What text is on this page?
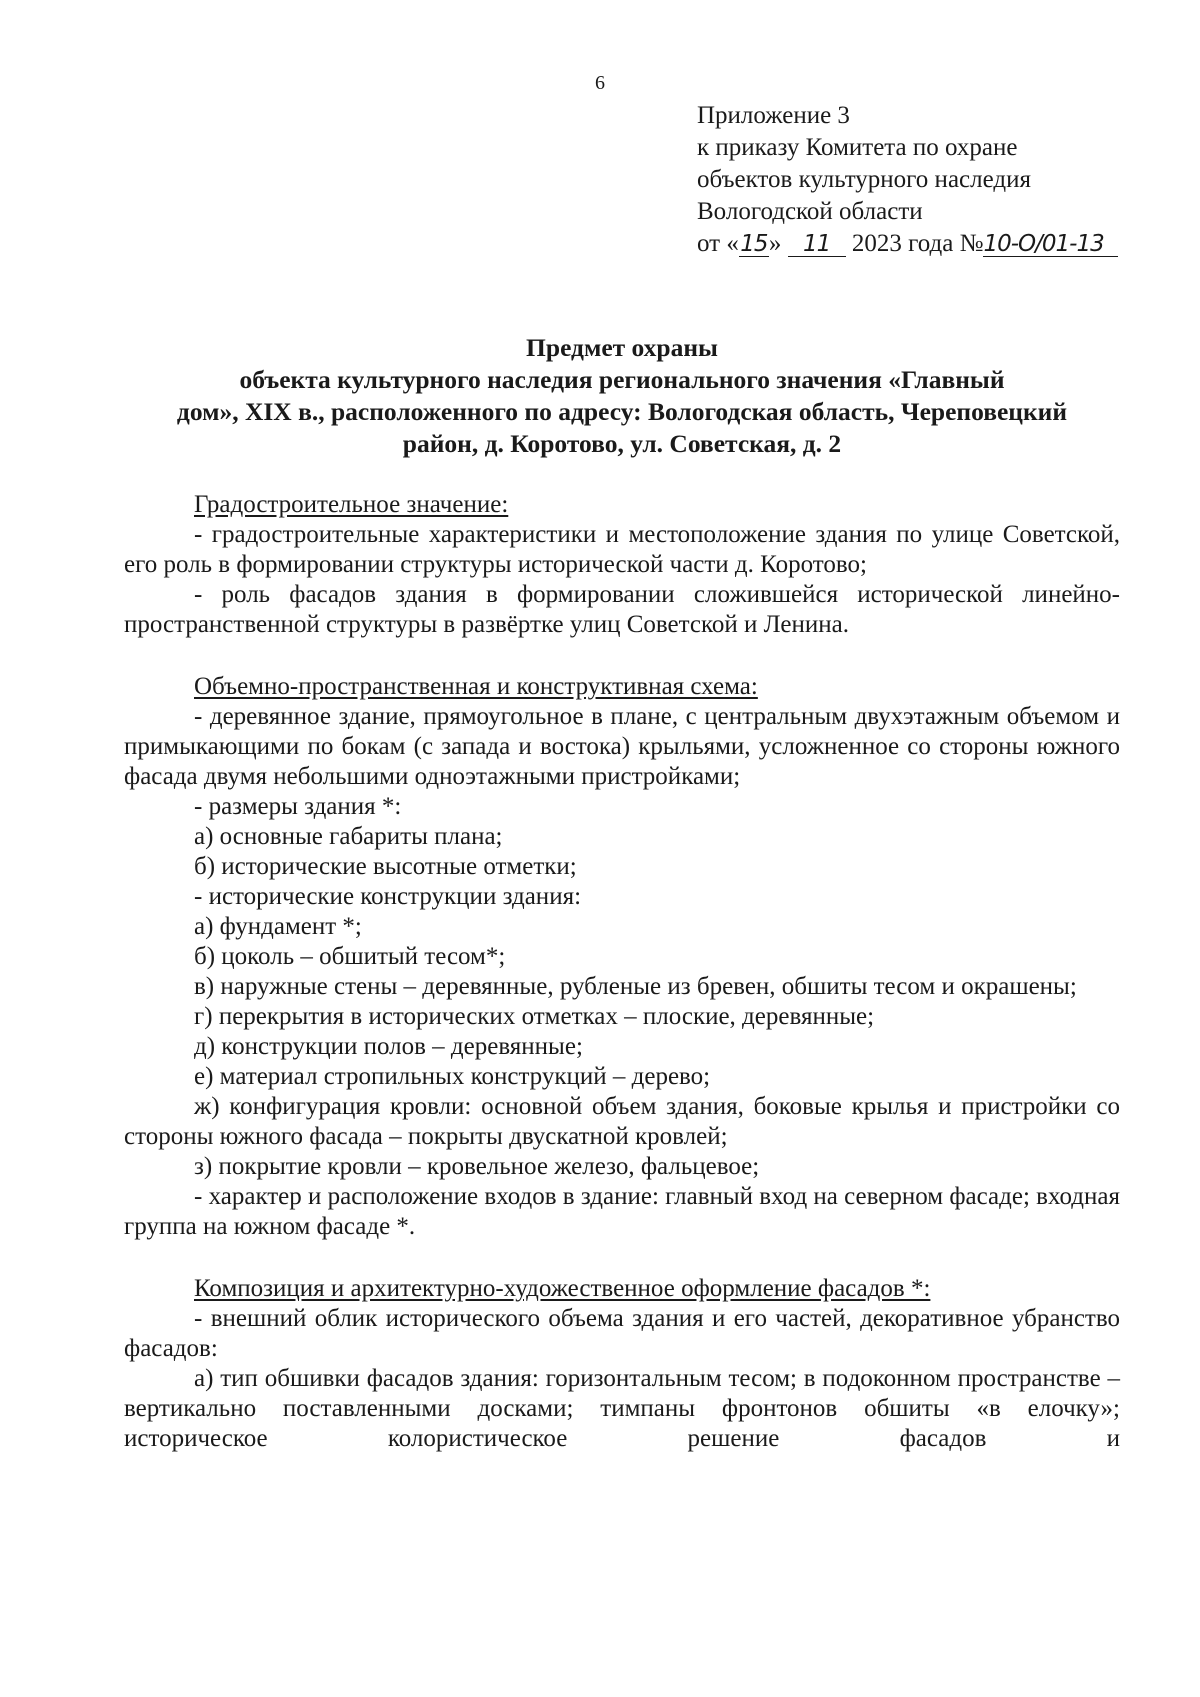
6
Приложение 3
к приказу Комитета по охране
объектов культурного наследия
Вологодской области
от «15» 11 2023 года №10-О/01-13
Предмет охраны
объекта культурного наследия регионального значения «Главный
дом», XIX в., расположенного по адресу: Вологодская область, Череповецкий
район, д. Коротово, ул. Советская, д. 2
Градостроительное значение:

- градостроительные характеристики и местоположение здания по улице Советской, его роль в формировании структуры исторической части д. Коротово;

- роль фасадов здания в формировании сложившейся исторической линейно-пространственной структуры в развёртке улиц Советской и Ленина.

Объемно-пространственная и конструктивная схема:

- деревянное здание, прямоугольное в плане, с центральным двухэтажным объемом и примыкающими по бокам (с запада и востока) крыльями, усложненное со стороны южного фасада двумя небольшими одноэтажными пристройками;

- размеры здания *:

а) основные габариты плана;

б) исторические высотные отметки;

- исторические конструкции здания:

а) фундамент *;

б) цоколь – обшитый тесом*;

в) наружные стены – деревянные, рубленые из бревен, обшиты тесом и окрашены;

г) перекрытия в исторических отметках – плоские, деревянные;

д) конструкции полов – деревянные;

е) материал стропильных конструкций – дерево;

ж) конфигурация кровли: основной объем здания, боковые крылья и пристройки со стороны южного фасада – покрыты двускатной кровлей;

з) покрытие кровли – кровельное железо, фальцевое;

- характер и расположение входов в здание: главный вход на северном фасаде; входная группа на южном фасаде *.

Композиция и архитектурно-художественное оформление фасадов *:

- внешний облик исторического объема здания и его частей, декоративное убранство фасадов:

а) тип обшивки фасадов здания: горизонтальным тесом; в подоконном пространстве – вертикально поставленными досками; тимпаны фронтонов обшиты «в елочку»; историческое колористическое решение фасадов и
